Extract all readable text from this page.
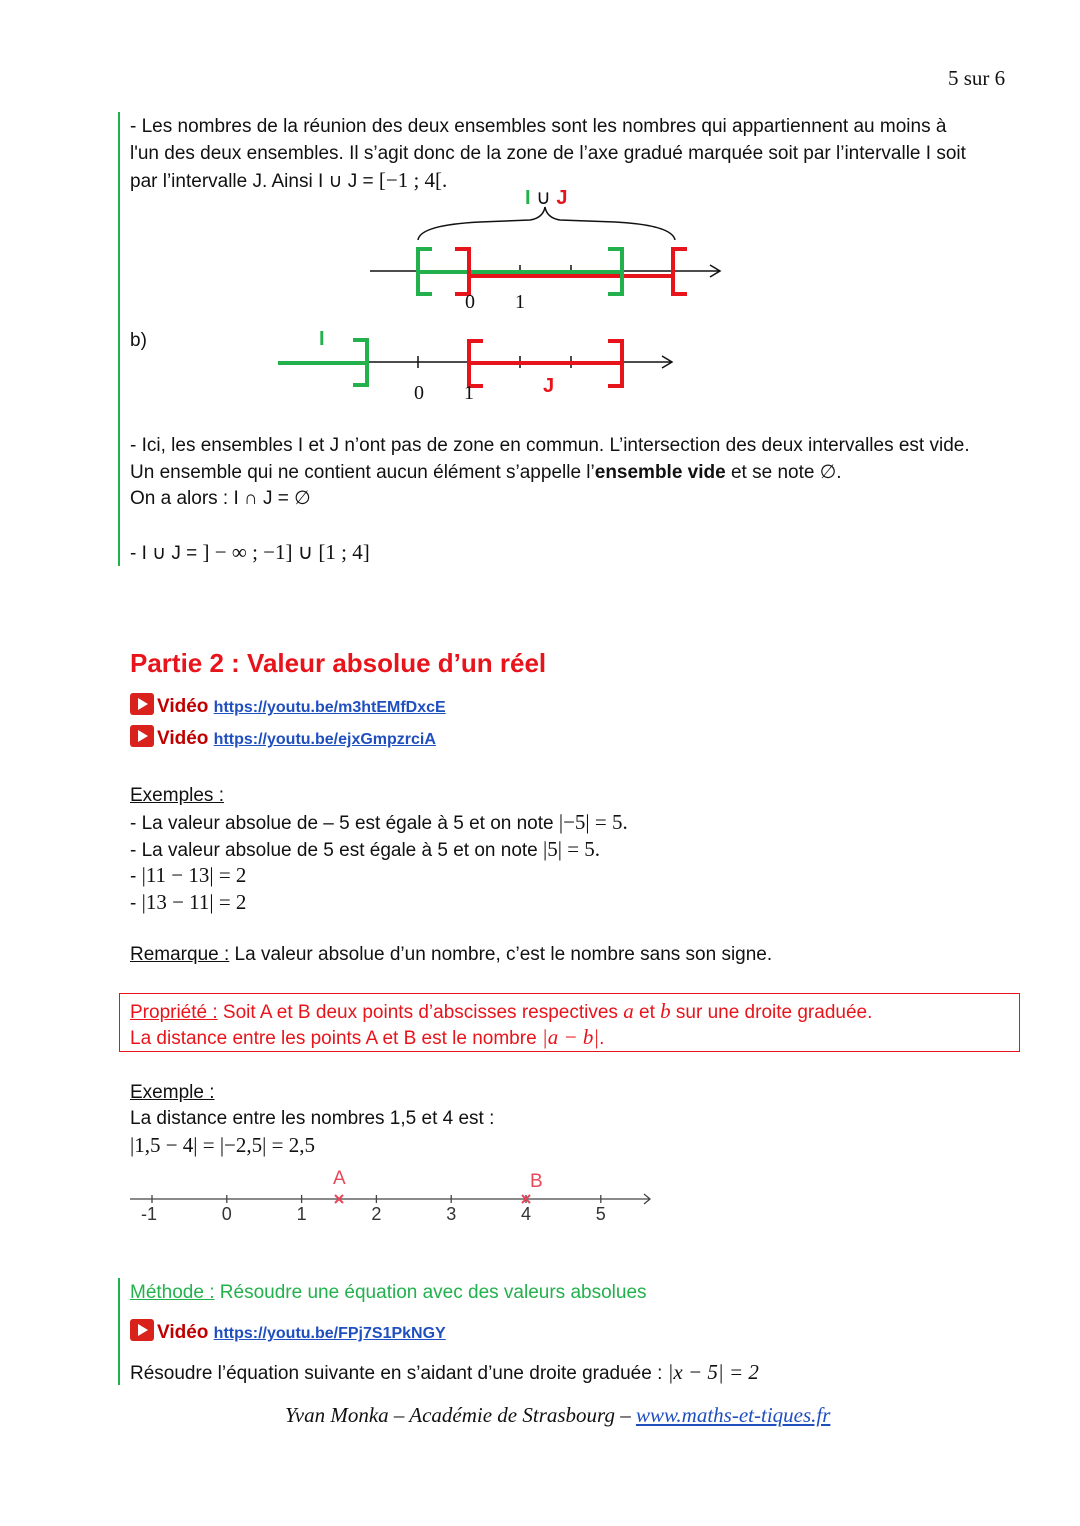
5 sur 6
- Les nombres de la réunion des deux ensembles sont les nombres qui appartiennent au moins à
l'un des deux ensembles. Il s’agit donc de la zone de l’axe gradué marquée soit par l’intervalle I soit
par l’intervalle J. Ainsi I ∪ J = [−1 ; 4[.
I ∪ J
0 1
b)	I
J
0 1
- Ici, les ensembles I et J n’ont pas de zone en commun. L’intersection des deux intervalles est vide.
Un ensemble qui ne contient aucun élément s’appelle l’ensemble vide et se note ∅.
On a alors : I ∩ J = ∅
- I ∪ J = ] − ∞ ; −1] ∪ [1 ; 4]
Partie 2 : Valeur absolue d’un réel
Vidéo https://youtu.be/m3htEMfDxcE
Vidéo https://youtu.be/ejxGmpzrciA
Exemples :
- La valeur absolue de – 5 est égale à 5 et on note |−5| = 5.
- La valeur absolue de 5 est égale à 5 et on note |5| = 5.
- |11 − 13| = 2
- |13 − 11| = 2
Remarque : La valeur absolue d’un nombre, c’est le nombre sans son signe.
Propriété : Soit A et B deux points d’abscisses respectives a et b sur une droite graduée.
La distance entre les points A et B est le nombre |a − b|.
Exemple :
La distance entre les nombres 1,5 et 4 est :
|1,5 − 4| = |−2,5| = 2,5
-1	0	1	2	3	4	5
A	B
Méthode : Résoudre une équation avec des valeurs absolues
Vidéo https://youtu.be/FPj7S1PkNGY
Résoudre l’équation suivante en s’aidant d’une droite graduée : |x − 5| = 2
Yvan Monka – Académie de Strasbourg – www.maths-et-tiques.fr
